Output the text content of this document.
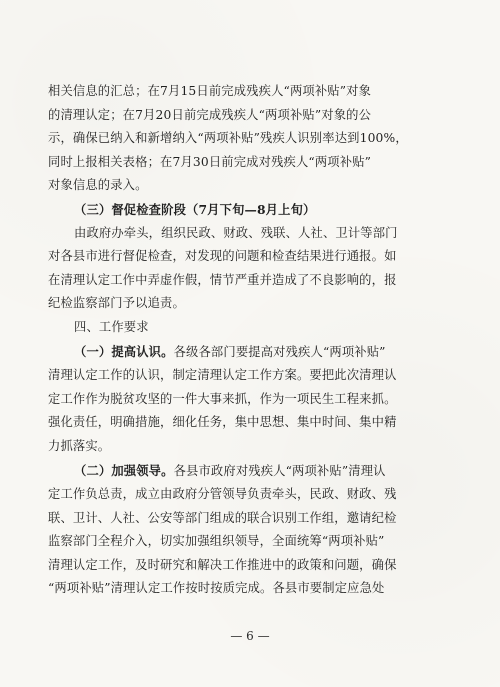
相关信息的汇总；在7月15日前完成残疾人“两项补贴”对象
的清理认定；在7月20日前完成残疾人“两项补贴”对象的公
示，确保已纳入和新增纳入“两项补贴”残疾人识别率达到100%，
同时上报相关表格；在7月30日前完成对残疾人“两项补贴”
对象信息的录入。
（三）督促检查阶段（7月下旬—8月上旬）
由政府办牵头，组织民政、财政、残联、人社、卫计等部门
对各县市进行督促检查，对发现的问题和检查结果进行通报。如
在清理认定工作中弄虚作假，情节严重并造成了不良影响的，报
纪检监察部门予以追责。
四、工作要求
（一）提高认识。各级各部门要提高对残疾人“两项补贴”
清理认定工作的认识，制定清理认定工作方案。要把此次清理认
定工作作为脱贫攻坚的一件大事来抓，作为一项民生工程来抓。
强化责任，明确措施，细化任务，集中思想、集中时间、集中精
力抓落实。
（二）加强领导。各县市政府对残疾人“两项补贴”清理认
定工作负总责，成立由政府分管领导负责牵头，民政、财政、残
联、卫计、人社、公安等部门组成的联合识别工作组，邀请纪检
监察部门全程介入，切实加强组织领导，全面统筹“两项补贴”
清理认定工作，及时研究和解决工作推进中的政策和问题，确保
“两项补贴”清理认定工作按时按质完成。各县市要制定应急处
— 6 —
